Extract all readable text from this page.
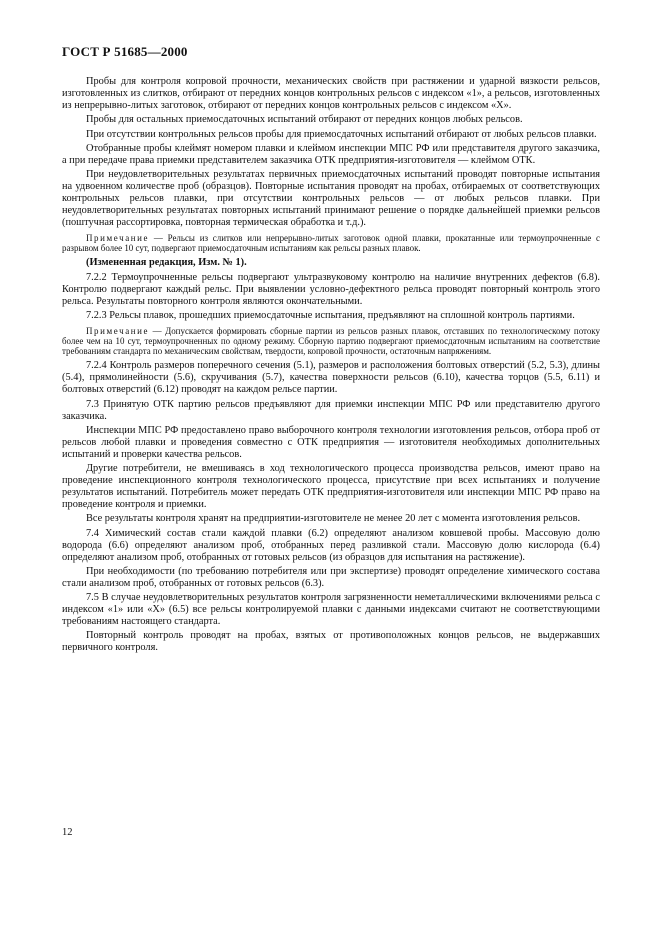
ГОСТ Р 51685—2000

Пробы для контроля копровой прочности, механических свойств при растяжении и ударной вязкости рельсов, изготовленных из слитков, отбирают от передних концов контрольных рельсов с индексом «1», а рельсов, изготовленных из непрерывно-литых заготовок, отбирают от передних концов контрольных рельсов с индексом «Х».

Пробы для остальных приемосдаточных испытаний отбирают от передних концов любых рельсов.

При отсутствии контрольных рельсов пробы для приемосдаточных испытаний отбирают от любых рельсов плавки.

Отобранные пробы клеймят номером плавки и клеймом инспекции МПС РФ или представителя другого заказчика, а при передаче права приемки представителем заказчика ОТК предприятия-изготовителя — клеймом ОТК.

При неудовлетворительных результатах первичных приемосдаточных испытаний проводят повторные испытания на удвоенном количестве проб (образцов). Повторные испытания проводят на пробах, отбираемых от соответствующих контрольных рельсов плавки, при отсутствии контрольных рельсов — от любых рельсов плавки. При неудовлетворительных результатах повторных испытаний принимают решение о порядке дальнейшей приемки рельсов (поштучная рассортировка, повторная термическая обработка и т.д.).

Примечание — Рельсы из слитков или непрерывно-литых заготовок одной плавки, прокатанные или термоупрочненные с разрывом более 10 сут, подвергают приемосдаточным испытаниям как рельсы разных плавок.

(Измененная редакция, Изм. № 1).

7.2.2 Термоупрочненные рельсы подвергают ультразвуковому контролю на наличие внутренних дефектов (6.8). Контролю подвергают каждый рельс. При выявлении условно-дефектного рельса проводят повторный контроль этого рельса. Результаты повторного контроля являются окончательными.

7.2.3 Рельсы плавок, прошедших приемосдаточные испытания, предъявляют на сплошной контроль партиями.

Примечание — Допускается формировать сборные партии из рельсов разных плавок, отставших по технологическому потоку более чем на 10 сут, термоупрочненных по одному режиму. Сборную партию подвергают приемосдаточным испытаниям на соответствие требованиям стандарта по механическим свойствам, твердости, копровой прочности, остаточным напряжениям.

7.2.4 Контроль размеров поперечного сечения (5.1), размеров и расположения болтовых отверстий (5.2, 5.3), длины (5.4), прямолинейности (5.6), скручивания (5.7), качества поверхности рельсов (6.10), качества торцов (5.5, 6.11) и болтовых отверстий (6.12) проводят на каждом рельсе партии.

7.3 Принятую ОТК партию рельсов предъявляют для приемки инспекции МПС РФ или представителю другого заказчика.

Инспекции МПС РФ предоставлено право выборочного контроля технологии изготовления рельсов, отбора проб от рельсов любой плавки и проведения совместно с ОТК предприятия — изготовителя необходимых дополнительных испытаний и проверки качества рельсов.

Другие потребители, не вмешиваясь в ход технологического процесса производства рельсов, имеют право на проведение инспекционного контроля технологического процесса, присутствие при всех испытаниях и получение результатов испытаний. Потребитель может передать ОТК предприятия-изготовителя или инспекции МПС РФ право на проведение контроля и приемки.

Все результаты контроля хранят на предприятии-изготовителе не менее 20 лет с момента изготовления рельсов.

7.4 Химический состав стали каждой плавки (6.2) определяют анализом ковшевой пробы. Массовую долю водорода (6.6) определяют анализом проб, отобранных перед разливкой стали. Массовую долю кислорода (6.4) определяют анализом проб, отобранных от готовых рельсов (из образцов для испытания на растяжение).

При необходимости (по требованию потребителя или при экспертизе) проводят определение химического состава стали анализом проб, отобранных от готовых рельсов (6.3).

7.5 В случае неудовлетворительных результатов контроля загрязненности неметаллическими включениями рельса с индексом «1» или «Х» (6.5) все рельсы контролируемой плавки с данными индексами считают не соответствующими требованиям настоящего стандарта.

Повторный контроль проводят на пробах, взятых от противоположных концов рельсов, не выдержавших первичного контроля.

12
